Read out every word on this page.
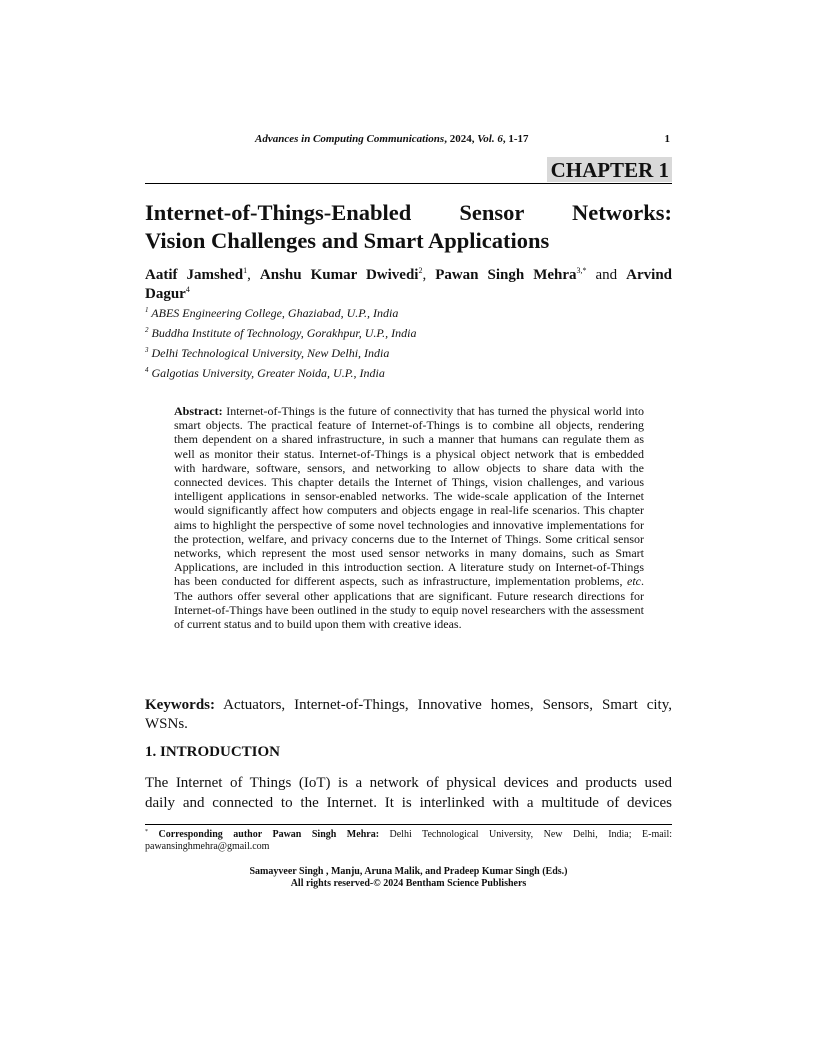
Advances in Computing Communications, 2024, Vol. 6, 1-17	1
CHAPTER 1
Internet-of-Things-Enabled Sensor Networks:
Vision Challenges and Smart Applications
Aatif Jamshed$^1$, Anshu Kumar Dwivedi$^2$, Pawan Singh Mehra$^{3,*}$ and Arvind
Dagur$^4$
$^1$ ABES Engineering College, Ghaziabad, U.P., India
$^2$ Buddha Institute of Technology, Gorakhpur, U.P., India
$^3$ Delhi Technological University, New Delhi, India
$^4$ Galgotias University, Greater Noida, U.P., India
Abstract: Internet-of-Things is the future of connectivity that has turned the physical world into smart objects. The practical feature of Internet-of-Things is to combine all objects, rendering them dependent on a shared infrastructure, in such a manner that humans can regulate them as well as monitor their status. Internet-of-Things is a physical object network that is embedded with hardware, software, sensors, and networking to allow objects to share data with the connected devices. This chapter details the Internet of Things, vision challenges, and various intelligent applications in sensor-enabled networks. The wide-scale application of the Internet would significantly affect how computers and objects engage in real-life scenarios. This chapter aims to highlight the perspective of some novel technologies and innovative implementations for the protection, welfare, and privacy concerns due to the Internet of Things. Some critical sensor networks, which represent the most used sensor networks in many domains, such as Smart Applications, are included in this introduction section. A literature study on Internet-of-Things has been conducted for different aspects, such as infrastructure, implementation problems, etc. The authors offer several other applications that are significant. Future research directions for Internet-of-Things have been outlined in the study to equip novel researchers with the assessment of current status and to build upon them with creative ideas.
Keywords: Actuators, Internet-of-Things, Innovative homes, Sensors, Smart city, WSNs.
1. INTRODUCTION
The Internet of Things (IoT) is a network of physical devices and products used
daily and connected to the Internet. It is interlinked with a multitude of devices
* Corresponding author Pawan Singh Mehra: Delhi Technological University, New Delhi, India; E-mail:
pawansinghmehra@gmail.com
Samayveer Singh , Manju, Aruna Malik, and Pradeep Kumar Singh (Eds.)
All rights reserved-© 2024 Bentham Science Publishers
